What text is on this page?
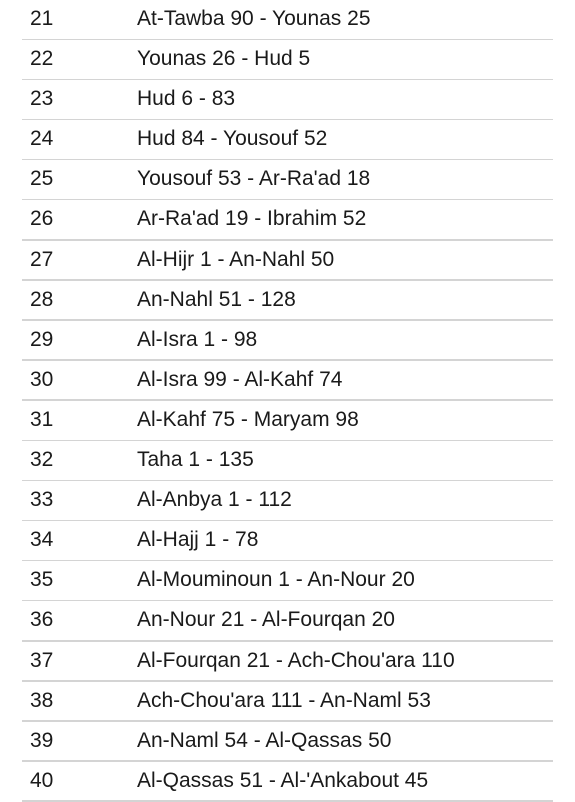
21	At-Tawba 90 - Younas 25
22	Younas 26 - Hud 5
23	Hud 6 - 83
24	Hud 84 - Yousouf 52
25	Yousouf 53 - Ar-Ra'ad 18
26	Ar-Ra'ad 19 - Ibrahim 52
27	Al-Hijr 1 - An-Nahl 50
28	An-Nahl 51 - 128
29	Al-Isra 1 - 98
30	Al-Isra 99 - Al-Kahf 74
31	Al-Kahf 75 - Maryam 98
32	Taha 1 - 135
33	Al-Anbya 1 - 112
34	Al-Hajj 1 - 78
35	Al-Mouminoun 1 - An-Nour 20
36	An-Nour 21 - Al-Fourqan 20
37	Al-Fourqan 21 - Ach-Chou'ara 110
38	Ach-Chou'ara 111 - An-Naml 53
39	An-Naml 54 - Al-Qassas 50
40	Al-Qassas 51 - Al-'Ankabout 45
